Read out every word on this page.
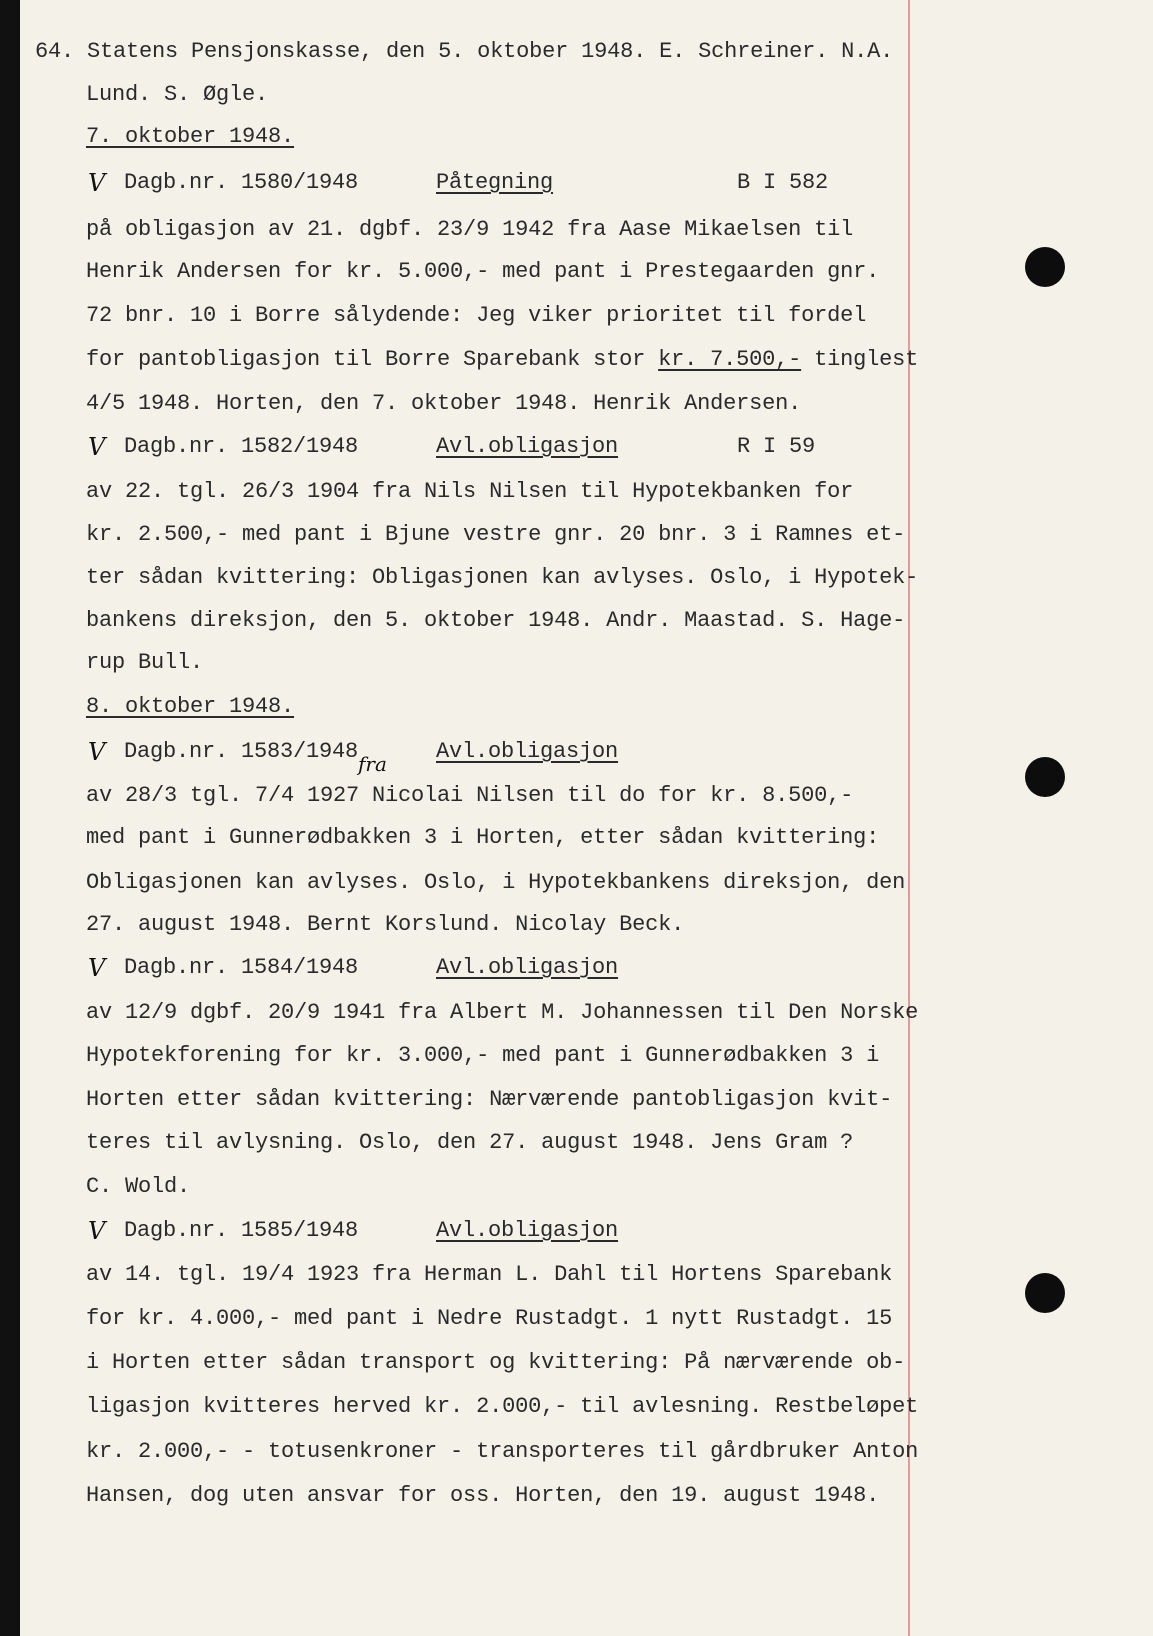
fra
64. Statens Pensjonskasse, den 5. oktober 1948. E. Schreiner. N.A.
Lund. S. Øgle.
7. oktober 1948.
V Dagb.nr. 1580/1948	Påtegning	B I 582
på obligasjon av 21. dgbf. 23/9 1942 fra Aase Mikaelsen til
Henrik Andersen for kr. 5.000,- med pant i Prestegaarden gnr.
72 bnr. 10 i Borre sålydende: Jeg viker prioritet til fordel
for pantobligasjon til Borre Sparebank stor kr. 7.500,- tinglest
4/5 1948. Horten, den 7. oktober 1948. Henrik Andersen.
V Dagb.nr. 1582/1948	Avl.obligasjon	R I 59
av 22. tgl. 26/3 1904 fra Nils Nilsen til Hypotekbanken for
kr. 2.500,- med pant i Bjune vestre gnr. 20 bnr. 3 i Ramnes et-
ter sådan kvittering: Obligasjonen kan avlyses. Oslo, i Hypotek-
bankens direksjon, den 5. oktober 1948. Andr. Maastad. S. Hage-
rup Bull.
8. oktober 1948.
V Dagb.nr. 1583/1948	Avl.obligasjon
av 28/3 tgl. 7/4 1927 Nicolai Nilsen til do for kr. 8.500,-
med pant i Gunnerødbakken 3 i Horten, etter sådan kvittering:
Obligasjonen kan avlyses. Oslo, i Hypotekbankens direksjon, den
27. august 1948. Bernt Korslund. Nicolay Beck.
V Dagb.nr. 1584/1948	Avl.obligasjon
av 12/9 dgbf. 20/9 1941 fra Albert M. Johannessen til Den Norske
Hypotekforening for kr. 3.000,- med pant i Gunnerødbakken 3 i
Horten etter sådan kvittering: Nærværende pantobligasjon kvit-
teres til avlysning. Oslo, den 27. august 1948. Jens Gram ?
C. Wold.
V Dagb.nr. 1585/1948	Avl.obligasjon
av 14. tgl. 19/4 1923 fra Herman L. Dahl til Hortens Sparebank
for kr. 4.000,- med pant i Nedre Rustadgt. 1 nytt Rustadgt. 15
i Horten etter sådan transport og kvittering: På nærværende ob-
ligasjon kvitteres herved kr. 2.000,- til avlesning. Restbeløpet
kr. 2.000,- - totusenkroner - transporteres til gårdbruker Anton
Hansen, dog uten ansvar for oss. Horten, den 19. august 1948.
